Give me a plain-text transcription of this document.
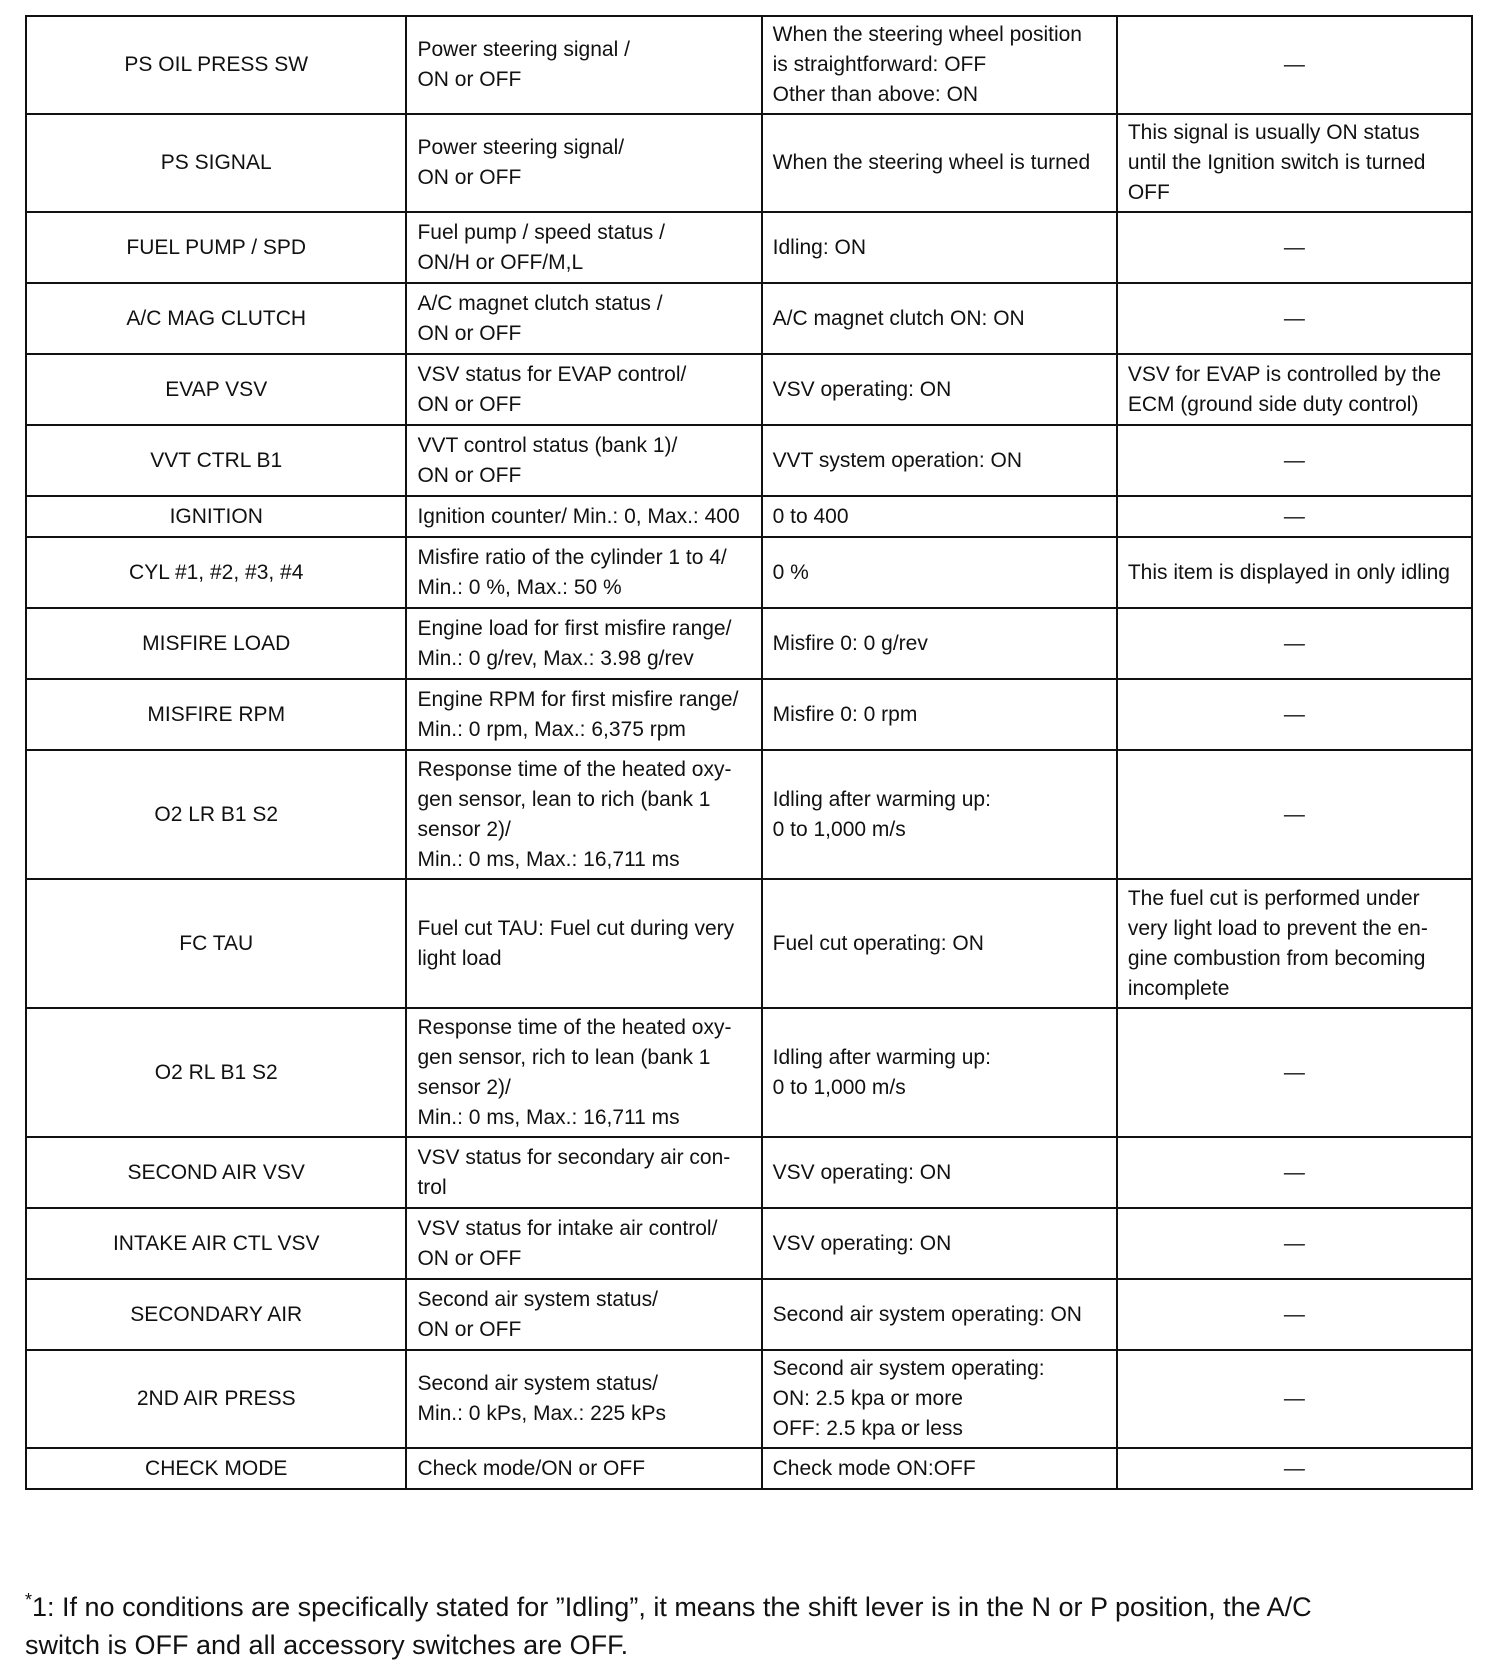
PS OIL PRESS SW	Power steering signal /
ON or OFF	When the steering wheel position
is straightforward: OFF
Other than above: ON	—

PS SIGNAL	Power steering signal/
ON or OFF	When the steering wheel is turned	This signal is usually ON status
until the Ignition switch is turned
OFF

FUEL PUMP / SPD	Fuel pump / speed status /
ON/H or OFF/M,L	Idling: ON	—

A/C MAG CLUTCH	A/C magnet clutch status /
ON or OFF	A/C magnet clutch ON: ON	—

EVAP VSV	VSV status for EVAP control/
ON or OFF	VSV operating: ON	VSV for EVAP is controlled by the
ECM (ground side duty control)

VVT CTRL B1	VVT control status (bank 1)/
ON or OFF	VVT system operation: ON	—

IGNITION	Ignition counter/ Min.: 0, Max.: 400	0 to 400	—

CYL #1, #2, #3, #4	Misfire ratio of the cylinder 1 to 4/
Min.: 0 %, Max.: 50 %	0 %	This item is displayed in only idling

MISFIRE LOAD	Engine load for first misfire range/
Min.: 0 g/rev, Max.: 3.98 g/rev	Misfire 0: 0 g/rev	—

MISFIRE RPM	Engine RPM for first misfire range/
Min.: 0 rpm, Max.: 6,375 rpm	Misfire 0: 0 rpm	—

O2 LR B1 S2	Response time of the heated oxy-
gen sensor, lean to rich (bank 1
sensor 2)/
Min.: 0 ms, Max.: 16,711 ms	Idling after warming up:
0 to 1,000 m/s	—

FC TAU	Fuel cut TAU: Fuel cut during very
light load	Fuel cut operating: ON	The fuel cut is performed under
very light load to prevent the en-
gine combustion from becoming
incomplete

O2 RL B1 S2	Response time of the heated oxy-
gen sensor, rich to lean (bank 1
sensor 2)/
Min.: 0 ms, Max.: 16,711 ms	Idling after warming up:
0 to 1,000 m/s	—

SECOND AIR VSV	VSV status for secondary air con-
trol	VSV operating: ON	—

INTAKE AIR CTL VSV	VSV status for intake air control/
ON or OFF	VSV operating: ON	—

SECONDARY AIR	Second air system status/
ON or OFF	Second air system operating: ON	—

2ND AIR PRESS	Second air system status/
Min.: 0 kPs, Max.: 225 kPs	Second air system operating:
ON: 2.5 kpa or more
OFF: 2.5 kpa or less	—

CHECK MODE	Check mode/ON or OFF	Check mode ON:OFF	—
*1: If no conditions are specifically stated for ”Idling”, it means the shift lever is in the N or P position, the A/C
switch is OFF and all accessory switches are OFF.
